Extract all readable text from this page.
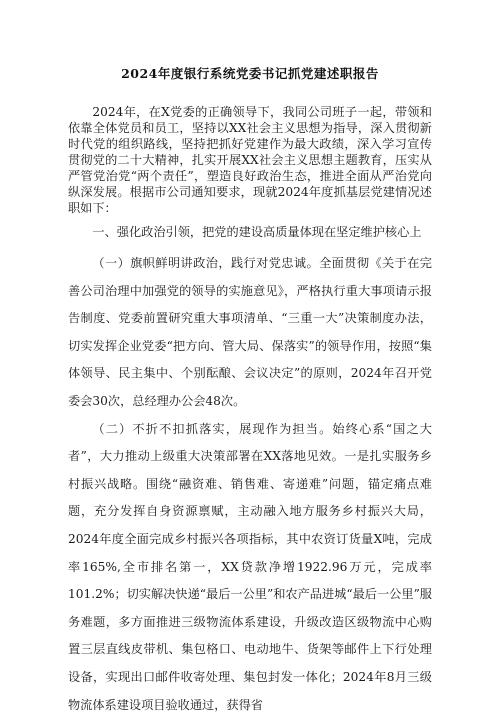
2024年度银行系统党委书记抓党建述职报告

2024年，在X党委的正确领导下，我同公司班子一起，带领和依靠全体党员和员工，坚持以XX社会主义思想为指导，深入贯彻新时代党的组织路线，坚持把抓好党建作为最大政绩，深入学习宣传贯彻党的二十大精神，扎实开展XX社会主义思想主题教育，压实从严管党治党“两个责任”，塑造良好政治生态，推进全面从严治党向纵深发展。根据市公司通知要求，现就2024年度抓基层党建情况述职如下：

一、强化政治引领，把党的建设高质量体现在坚定维护核心上

（一）旗帜鲜明讲政治，践行对党忠诚。全面贯彻《关于在完善公司治理中加强党的领导的实施意见》，严格执行重大事项请示报告制度、党委前置研究重大事项清单、“三重一大”决策制度办法，切实发挥企业党委“把方向、管大局、保落实”的领导作用，按照“集体领导、民主集中、个别酝酿、会议决定”的原则，2024年召开党委会30次，总经理办公会48次。

（二）不折不扣抓落实，展现作为担当。始终心系“国之大者”，大力推动上级重大决策部署在XX落地见效。一是扎实服务乡村振兴战略。围绕“融资难、销售难、寄递难”问题，锚定痛点难题，充分发挥自身资源禀赋，主动融入地方服务乡村振兴大局，2024年度全面完成乡村振兴各项指标，其中农资订货量X吨，完成率165%,全市排名第一，XX贷款净增1922.96万元，完成率101.2%；切实解决快递“最后一公里”和农产品进城“最后一公里”服务难题，多方面推进三级物流体系建设，升级改造区级物流中心购置三层直线皮带机、集包格口、电动地牛、货架等邮件上下行处理设备，实现出口邮件收寄处理、集包封发一体化；2024年8月三级物流体系建设项目验收通过，获得省
